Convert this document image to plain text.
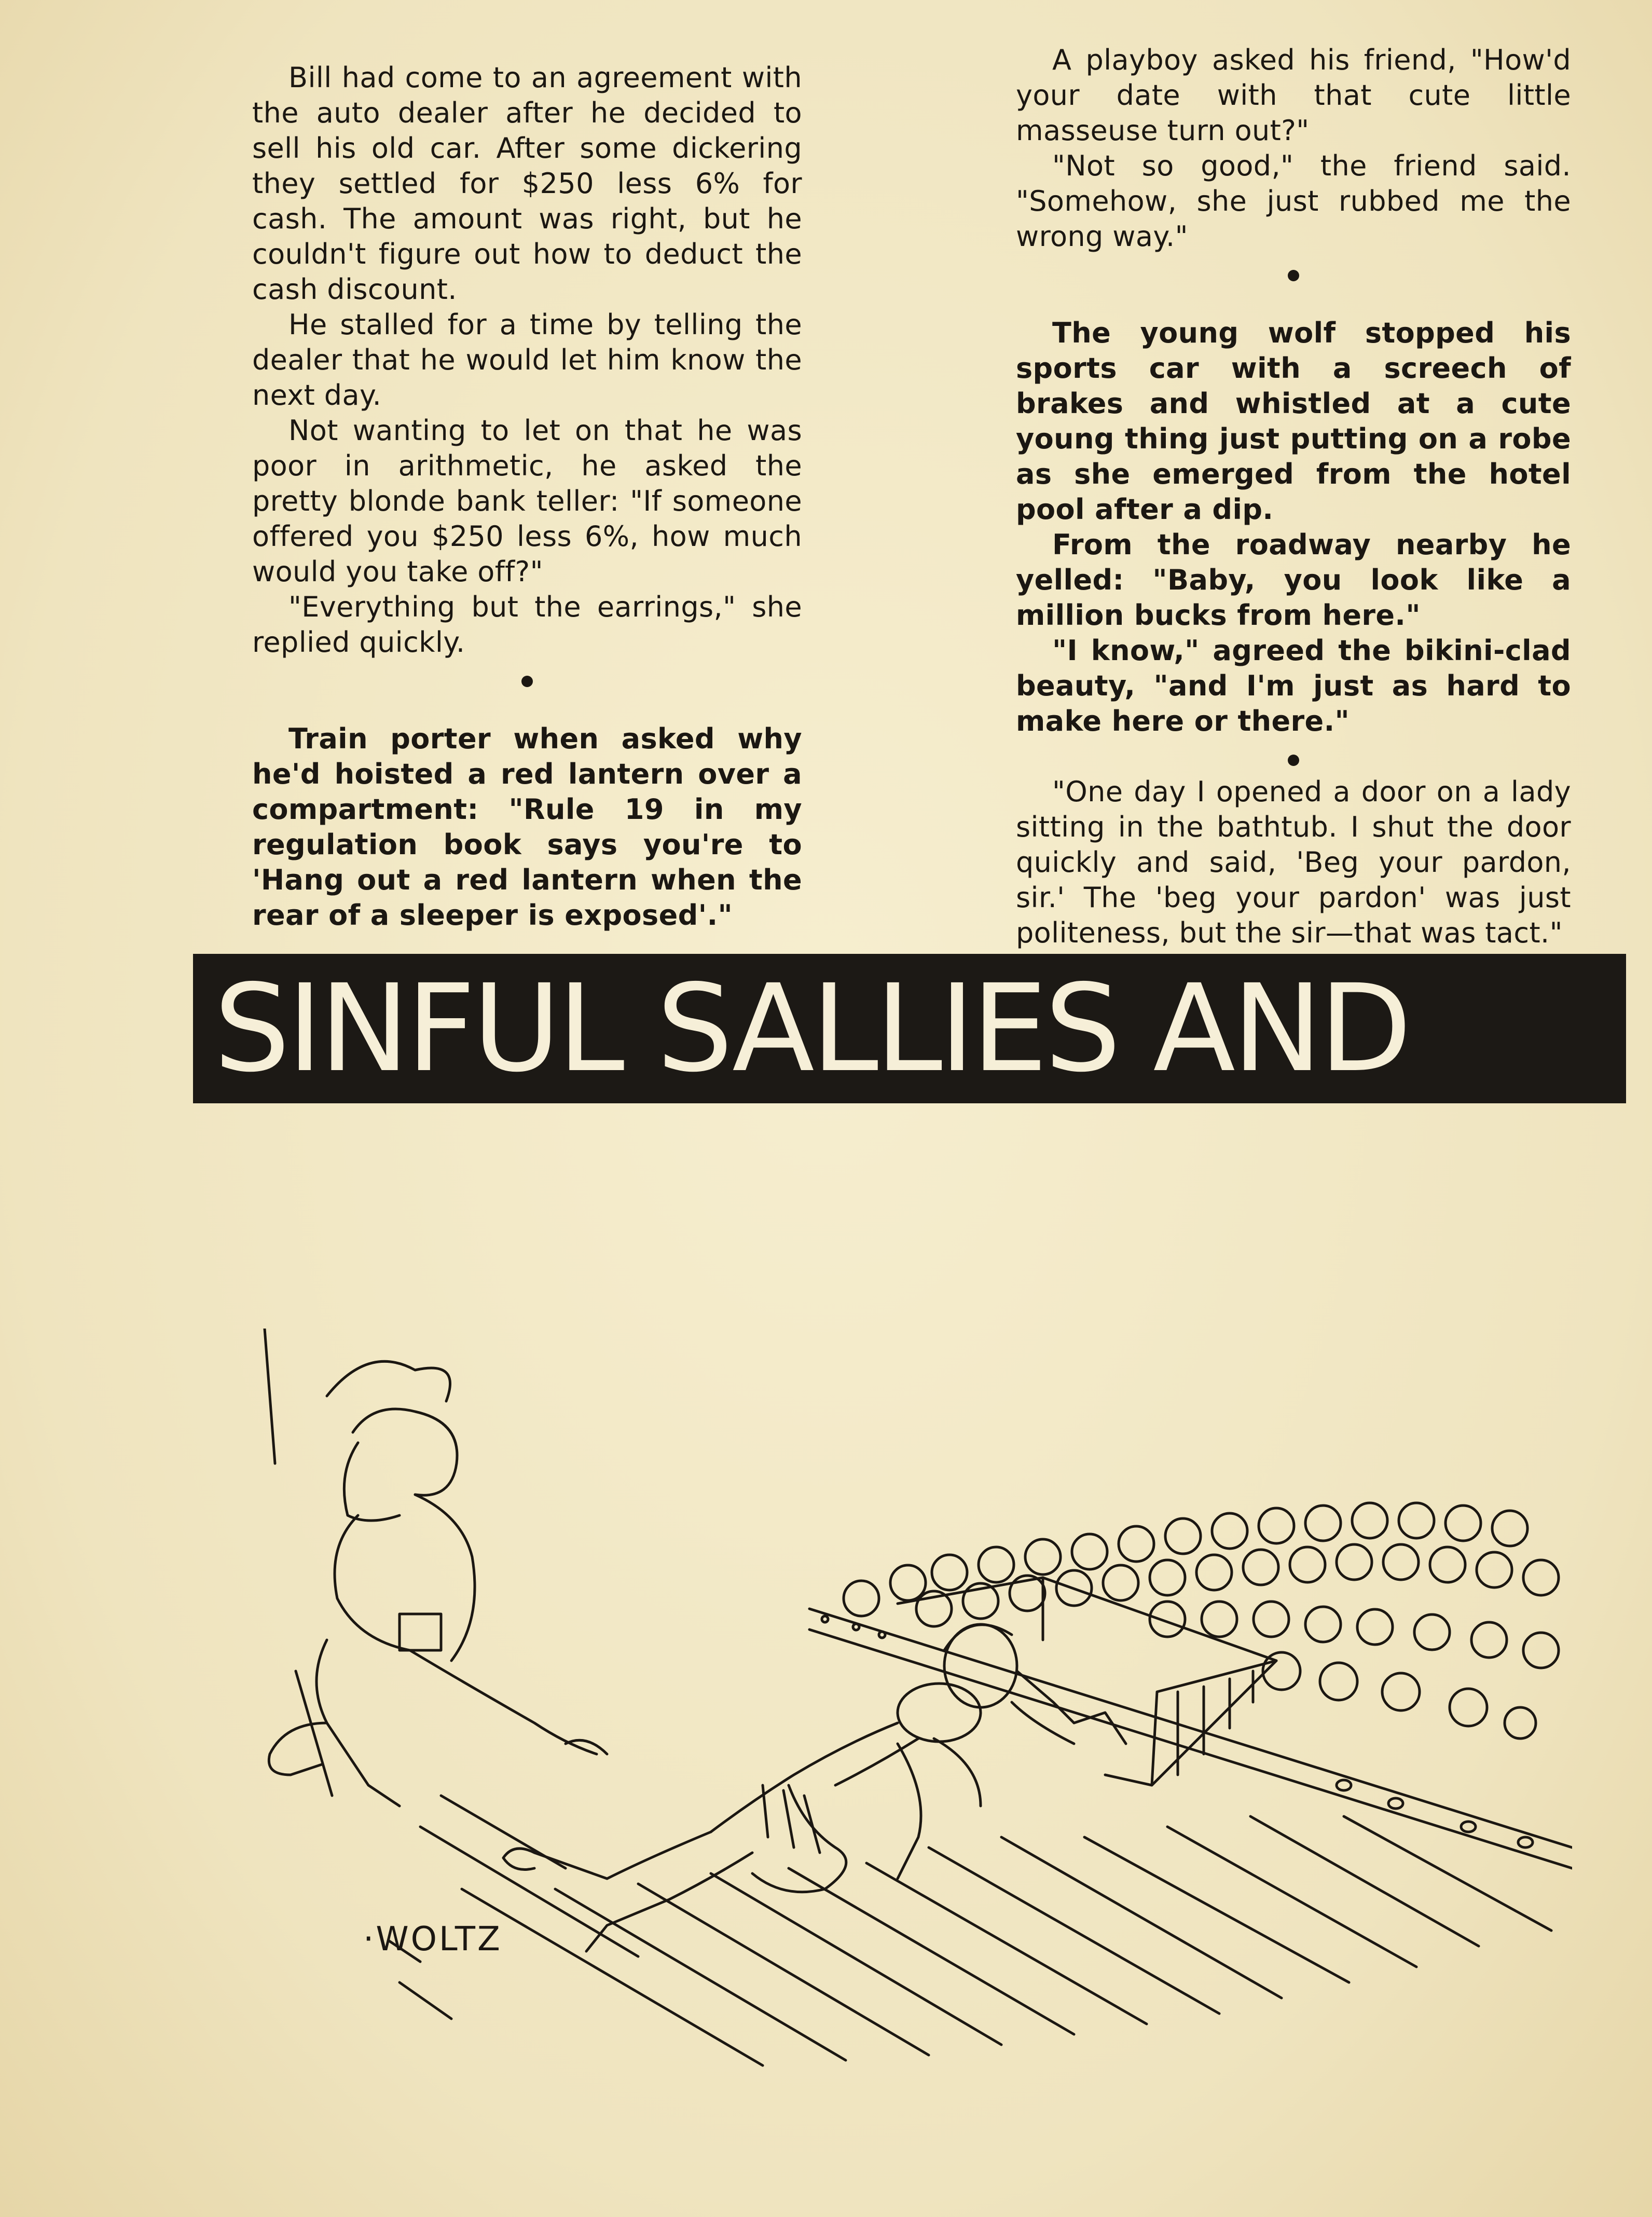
Bill had come to an agreement with the auto dealer after he decided to sell his old car. After some dickering they settled for $250 less 6% for cash. The amount was right, but he couldn't figure out how to deduct the cash discount.

He stalled for a time by telling the dealer that he would let him know the next day.

Not wanting to let on that he was poor in arithmetic, he asked the pretty blonde bank teller: "If someone offered you $250 less 6%, how much would you take off?"

"Everything but the earrings," she replied quickly.

Train porter when asked why he'd hoisted a red lantern over a compartment: "Rule 19 in my regulation book says you're to 'Hang out a red lantern when the rear of a sleeper is exposed'."

A playboy asked his friend, "How'd your date with that cute little masseuse turn out?"

"Not so good," the friend said. "Somehow, she just rubbed me the wrong way."

The young wolf stopped his sports car with a screech of brakes and whistled at a cute young thing just putting on a robe as she emerged from the hotel pool after a dip.

From the roadway nearby he yelled: "Baby, you look like a million bucks from here."

"I know," agreed the bikini-clad beauty, "and I'm just as hard to make here or there."

"One day I opened a door on a lady sitting in the bathtub. I shut the door quickly and said, 'Beg your pardon, sir.' The 'beg your pardon' was just politeness, but the sir—that was tact."

SINFUL SALLIES AND
·WOLTZ
